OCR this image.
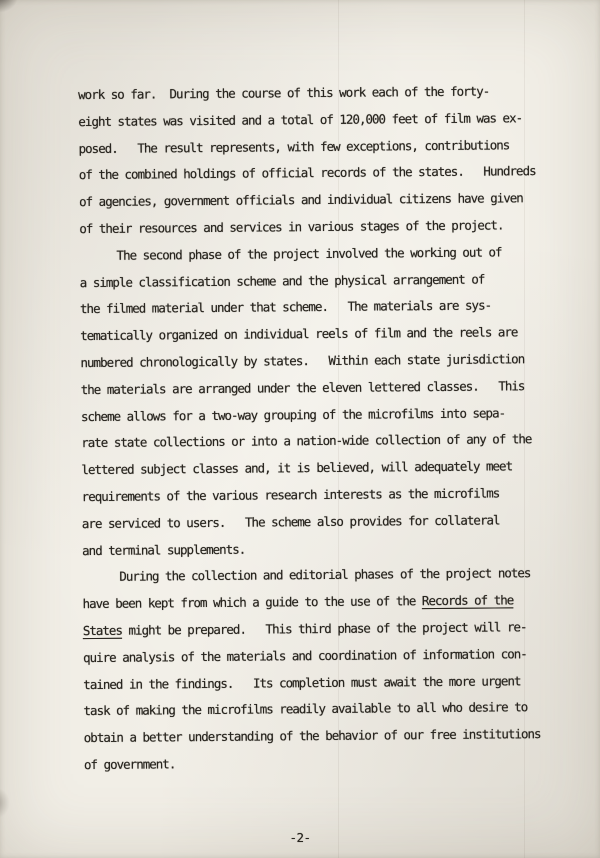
work so far.  During the course of this work each of the forty-
eight states was visited and a total of 120,000 feet of film was ex-
posed.   The result represents, with few exceptions, contributions
of the combined holdings of official records of the states.   Hundreds
of agencies, government officials and individual citizens have given
of their resources and services in various stages of the project.
The second phase of the project involved the working out of
a simple classification scheme and the physical arrangement of
the filmed material under that scheme.   The materials are sys-
tematically organized on individual reels of film and the reels are
numbered chronologically by states.   Within each state jurisdiction
the materials are arranged under the eleven lettered classes.   This
scheme allows for a two-way grouping of the microfilms into sepa-
rate state collections or into a nation-wide collection of any of the
lettered subject classes and, it is believed, will adequately meet
requirements of the various research interests as the microfilms
are serviced to users.   The scheme also provides for collateral
and terminal supplements.
During the collection and editorial phases of the project notes
have been kept from which a guide to the use of the Records of the
States might be prepared.   This third phase of the project will re-
quire analysis of the materials and coordination of information con-
tained in the findings.   Its completion must await the more urgent
task of making the microfilms readily available to all who desire to
obtain a better understanding of the behavior of our free institutions
of government.
-2-
